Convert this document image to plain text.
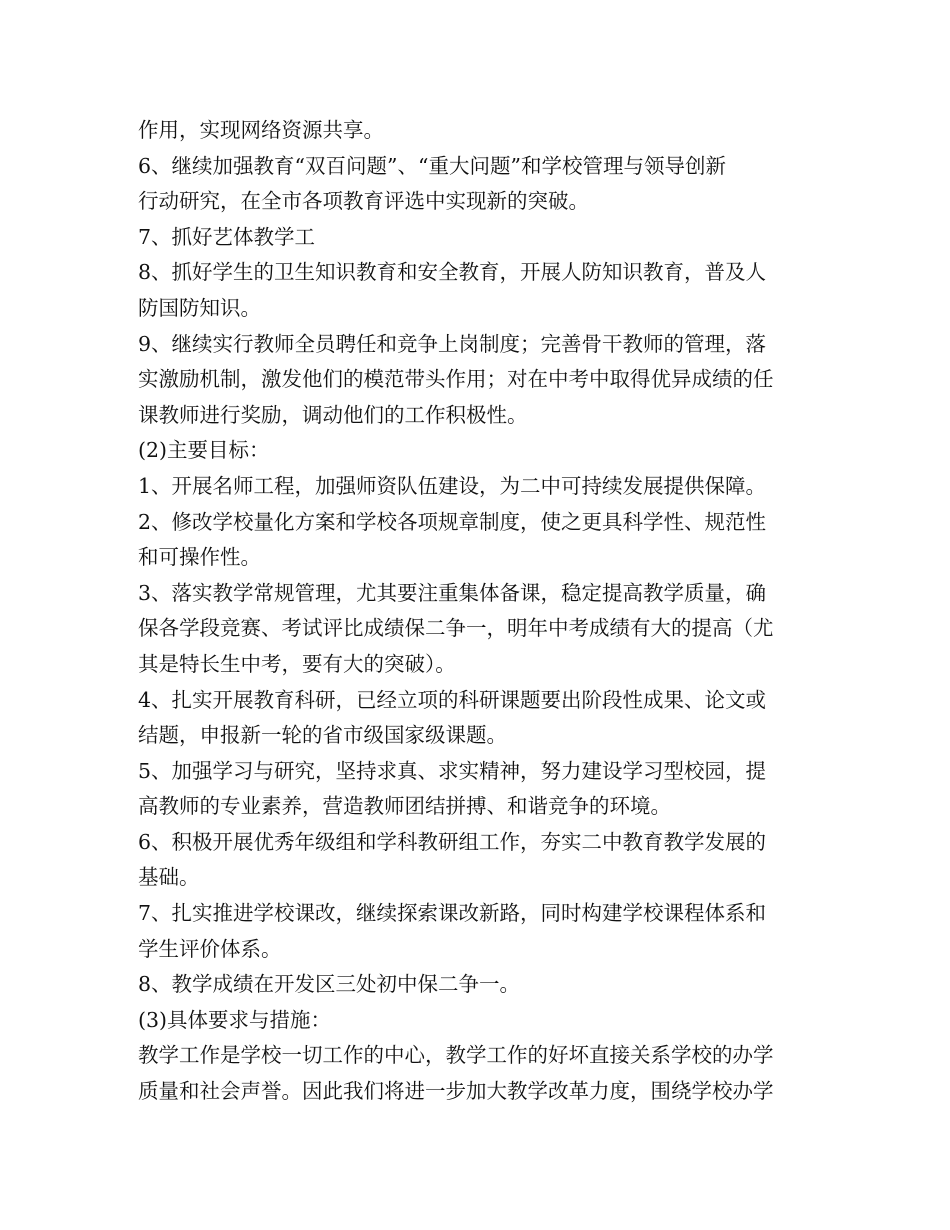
作用，实现网络资源共享。

6、继续加强教育“双百问题”、“重大问题”和学校管理与领导创新
行动研究，在全市各项教育评选中实现新的突破。

7、抓好艺体教学工

8、抓好学生的卫生知识教育和安全教育，开展人防知识教育，普及人
防国防知识。

9、继续实行教师全员聘任和竞争上岗制度；完善骨干教师的管理，落
实激励机制，激发他们的模范带头作用；对在中考中取得优异成绩的任
课教师进行奖励，调动他们的工作积极性。

(2)主要目标：

1、开展名师工程，加强师资队伍建设，为二中可持续发展提供保障。

2、修改学校量化方案和学校各项规章制度，使之更具科学性、规范性
和可操作性。

3、落实教学常规管理，尤其要注重集体备课，稳定提高教学质量，确
保各学段竞赛、考试评比成绩保二争一，明年中考成绩有大的提高（尤
其是特长生中考，要有大的突破）。

4、扎实开展教育科研，已经立项的科研课题要出阶段性成果、论文或
结题，申报新一轮的省市级国家级课题。

5、加强学习与研究，坚持求真、求实精神，努力建设学习型校园，提
高教师的专业素养，营造教师团结拼搏、和谐竞争的环境。

6、积极开展优秀年级组和学科教研组工作，夯实二中教育教学发展的
基础。

7、扎实推进学校课改，继续探索课改新路，同时构建学校课程体系和
学生评价体系。

8、教学成绩在开发区三处初中保二争一。

(3)具体要求与措施：

教学工作是学校一切工作的中心，教学工作的好坏直接关系学校的办学
质量和社会声誉。因此我们将进一步加大教学改革力度，围绕学校办学
